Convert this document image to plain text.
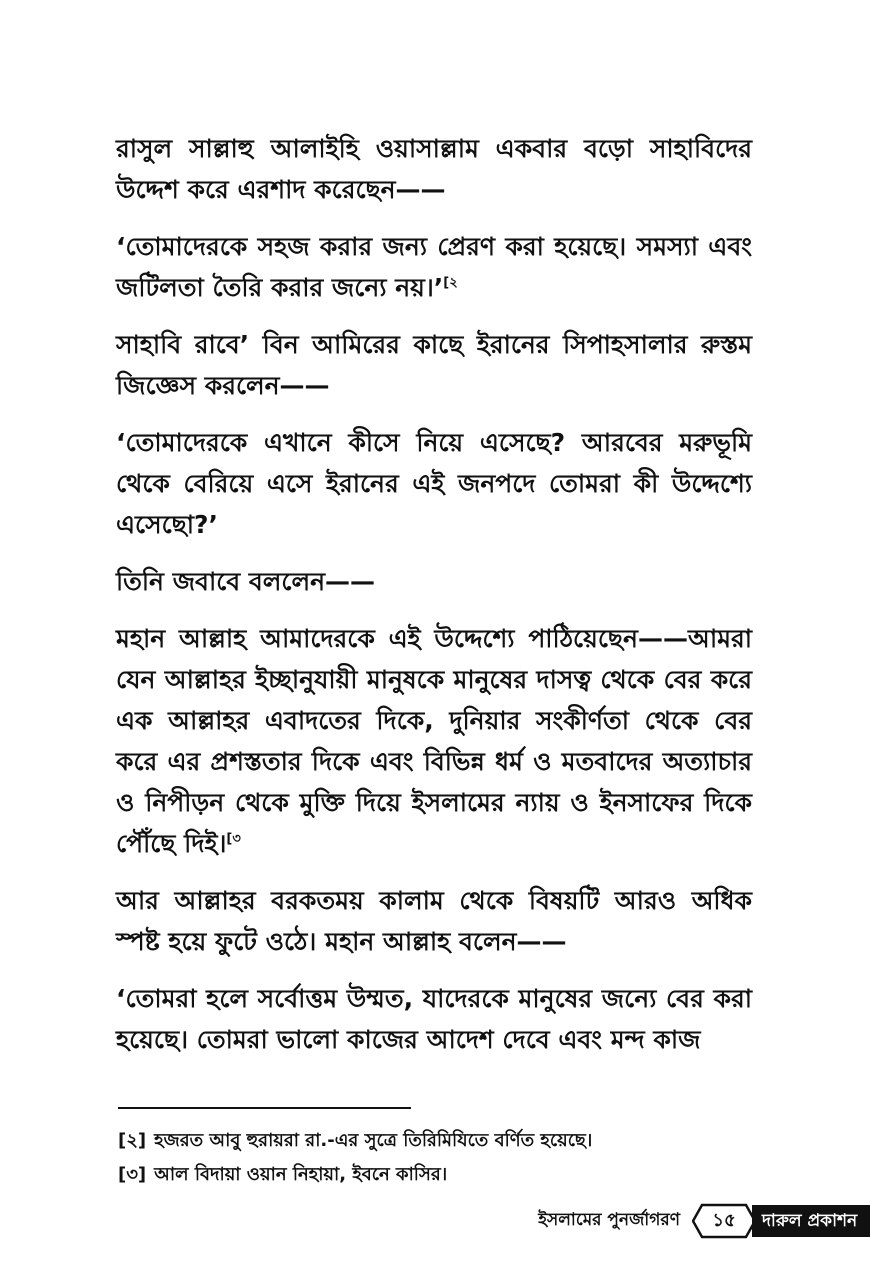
রাসুল সাল্লাহু আলাইহি ওয়াসাল্লাম একবার বড়ো সাহাবিদের উদ্দেশ করে এরশাদ করেছেন——

‘তোমাদেরকে সহজ করার জন্য প্রেরণ করা হয়েছে। সমস্যা এবং জটিলতা তৈরি করার জন্যে নয়।’$^{[২}$

সাহাবি রাবে’ বিন আমিরের কাছে ইরানের সিপাহসালার রুস্তম জিজ্ঞেস করলেন——

‘তোমাদেরকে এখানে কীসে নিয়ে এসেছে? আরবের মরুভূমি থেকে বেরিয়ে এসে ইরানের এই জনপদে তোমরা কী উদ্দেশ্যে এসেছো?’

তিনি জবাবে বললেন——

মহান আল্লাহ আমাদেরকে এই উদ্দেশ্যে পাঠিয়েছেন——আমরা যেন আল্লাহর ইচ্ছানুযায়ী মানুষকে মানুষের দাসত্ব থেকে বের করে এক আল্লাহর এবাদতের দিকে, দুনিয়ার সংকীর্ণতা থেকে বের করে এর প্রশস্ততার দিকে এবং বিভিন্ন ধর্ম ও মতবাদের অত্যাচার ও নিপীড়ন থেকে মুক্তি দিয়ে ইসলামের ন্যায় ও ইনসাফের দিকে পৌঁছে দিই।$^{[৩}$

আর আল্লাহর বরকতময় কালাম থেকে বিষয়টি আরও অধিক স্পষ্ট হয়ে ফুটে ওঠে। মহান আল্লাহ বলেন——

‘তোমরা হলে সর্বোত্তম উম্মত, যাদেরকে মানুষের জন্যে বের করা হয়েছে। তোমরা ভালো কাজের আদেশ দেবে এবং মন্দ কাজ

[২] হজরত আবু হুরায়রা রা.-এর সুত্রে তিরিমিযিতে বর্ণিত হয়েছে।
[৩] আল বিদায়া ওয়ান নিহায়া, ইবনে কাসির।
ইসলামের পুনর্জাগরণ	১৫	দারুল প্রকাশন
